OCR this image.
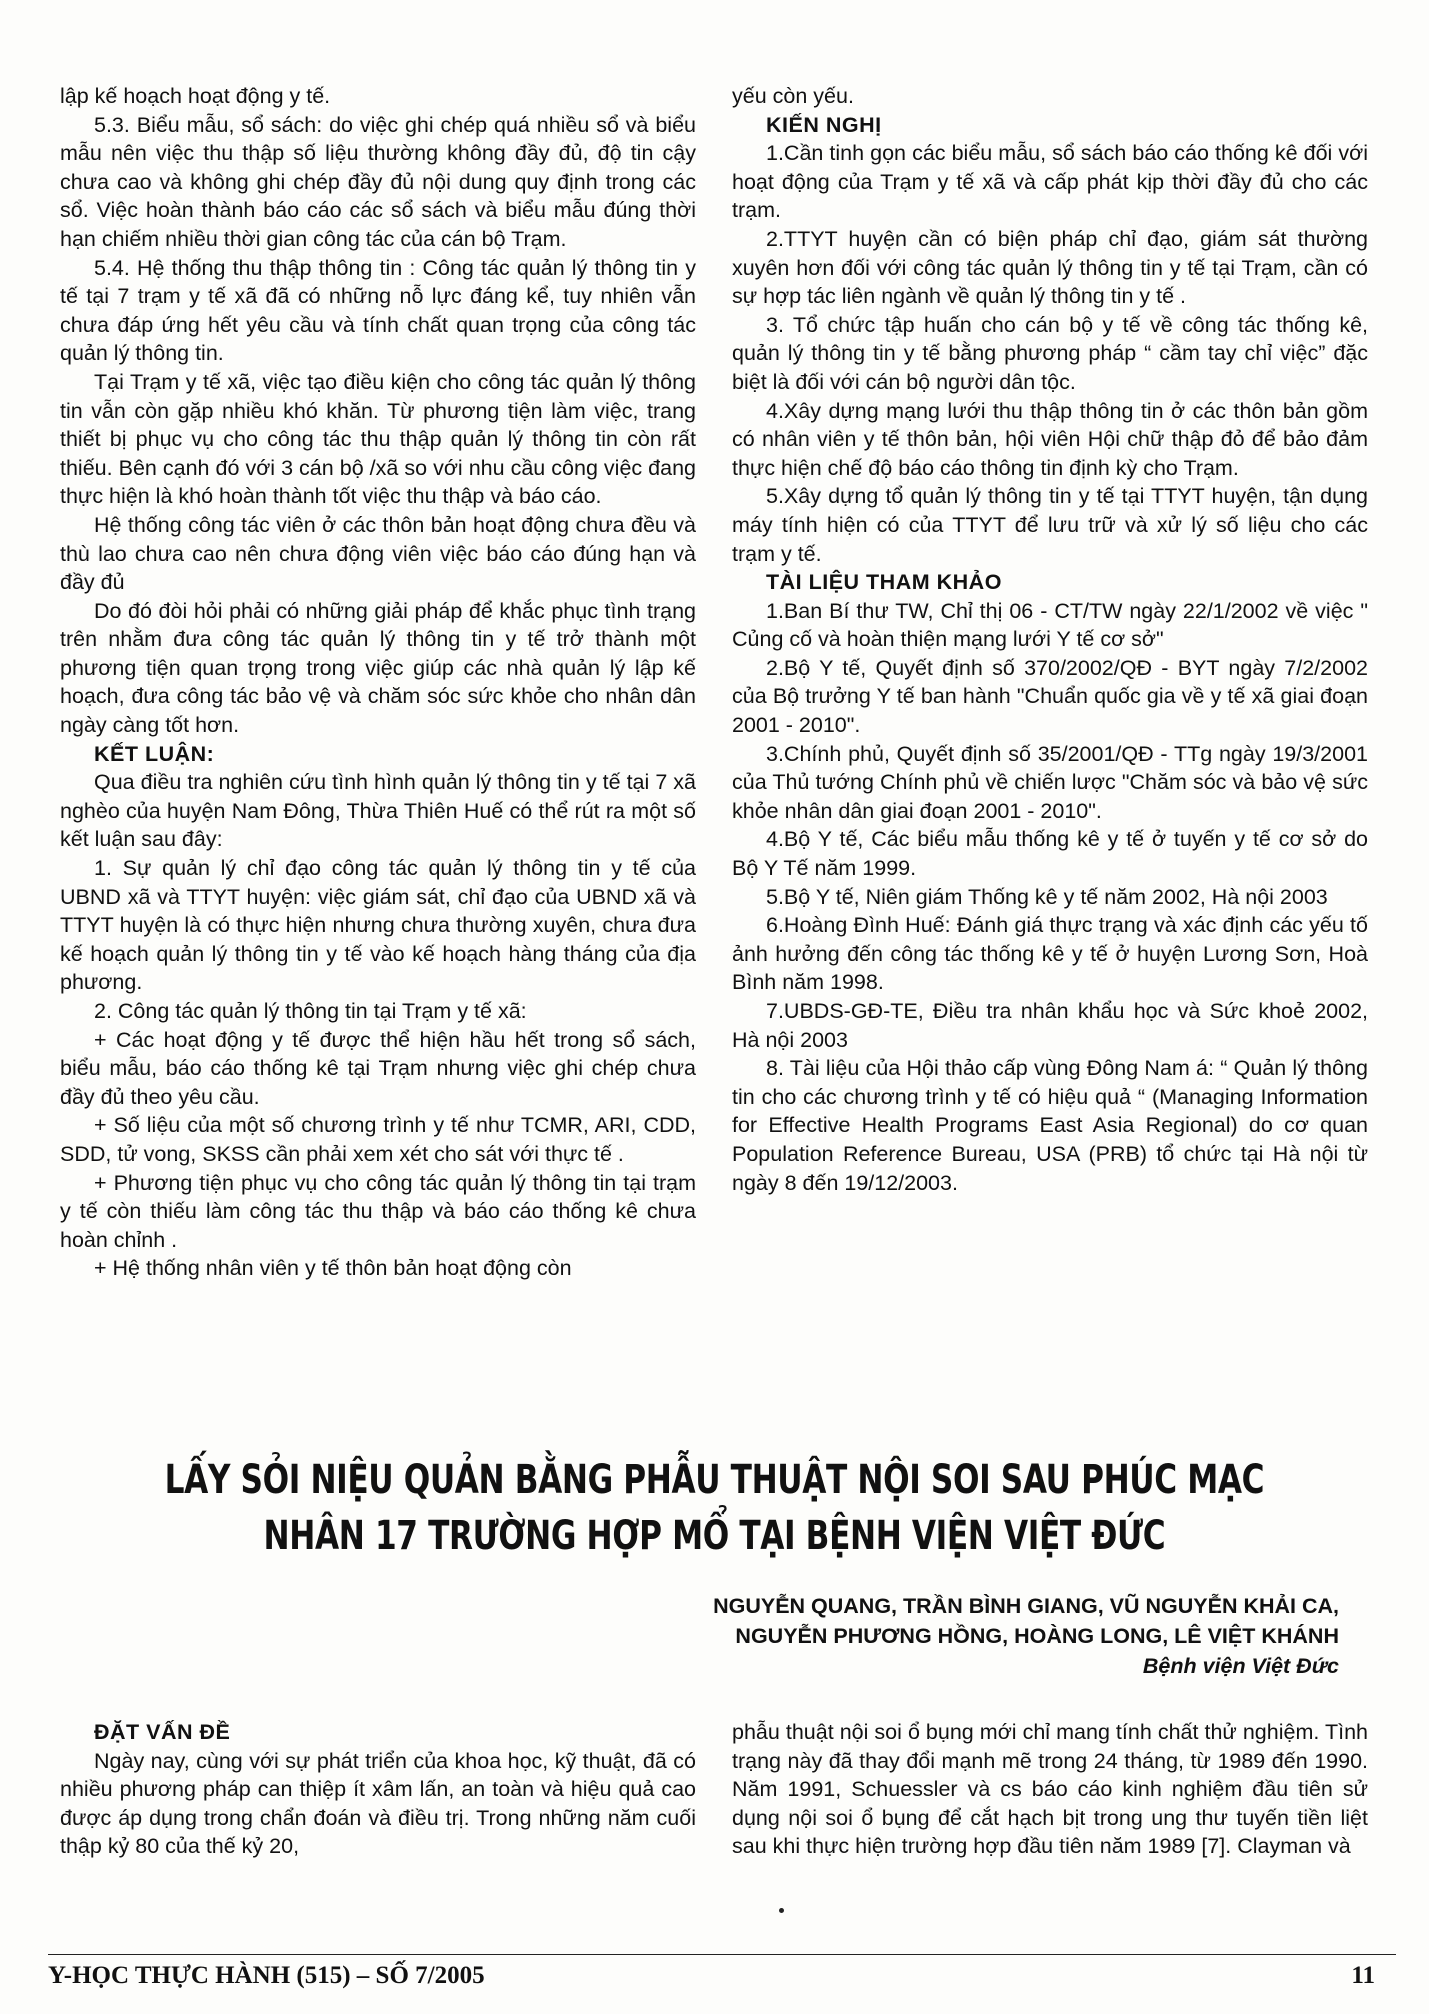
lập kế hoạch hoạt động y tế.

5.3. Biểu mẫu, sổ sách: do việc ghi chép quá nhiều sổ và biểu mẫu nên việc thu thập số liệu thường không đầy đủ, độ tin cậy chưa cao và không ghi chép đầy đủ nội dung quy định trong các sổ. Việc hoàn thành báo cáo các sổ sách và biểu mẫu đúng thời hạn chiếm nhiều thời gian công tác của cán bộ Trạm.

5.4. Hệ thống thu thập thông tin : Công tác quản lý thông tin y tế tại 7 trạm y tế xã đã có những nỗ lực đáng kể, tuy nhiên vẫn chưa đáp ứng hết yêu cầu và tính chất quan trọng của công tác quản lý thông tin.

Tại Trạm y tế xã, việc tạo điều kiện cho công tác quản lý thông tin vẫn còn gặp nhiều khó khăn. Từ phương tiện làm việc, trang thiết bị phục vụ cho công tác thu thập quản lý thông tin còn rất thiếu. Bên cạnh đó với 3 cán bộ /xã so với nhu cầu công việc đang thực hiện là khó hoàn thành tốt việc thu thập và báo cáo.

Hệ thống công tác viên ở các thôn bản hoạt động chưa đều và thù lao chưa cao nên chưa động viên việc báo cáo đúng hạn và đầy đủ

Do đó đòi hỏi phải có những giải pháp để khắc phục tình trạng trên nhằm đưa công tác quản lý thông tin y tế trở thành một phương tiện quan trọng trong việc giúp các nhà quản lý lập kế hoạch, đưa công tác bảo vệ và chăm sóc sức khỏe cho nhân dân ngày càng tốt hơn.

KẾT LUẬN:

Qua điều tra nghiên cứu tình hình quản lý thông tin y tế tại 7 xã nghèo của huyện Nam Đông, Thừa Thiên Huế có thể rút ra một số kết luận sau đây:

1. Sự quản lý chỉ đạo công tác quản lý thông tin y tế của UBND xã và TTYT huyện: việc giám sát, chỉ đạo của UBND xã và TTYT huyện là có thực hiện nhưng chưa thường xuyên, chưa đưa kế hoạch quản lý thông tin y tế vào kế hoạch hàng tháng của địa phương.

2. Công tác quản lý thông tin tại Trạm y tế xã:

+ Các hoạt động y tế được thể hiện hầu hết trong sổ sách, biểu mẫu, báo cáo thống kê tại Trạm nhưng việc ghi chép chưa đầy đủ theo yêu cầu.

+ Số liệu của một số chương trình y tế như TCMR, ARI, CDD, SDD, tử vong, SKSS cần phải xem xét cho sát với thực tế .

+ Phương tiện phục vụ cho công tác quản lý thông tin tại trạm y tế còn thiếu làm công tác thu thập và báo cáo thống kê chưa hoàn chỉnh .

+ Hệ thống nhân viên y tế thôn bản hoạt động còn

yếu còn yếu.

KIẾN NGHỊ

1.Cần tinh gọn các biểu mẫu, sổ sách báo cáo thống kê đối với hoạt động của Trạm y tế xã và cấp phát kịp thời đầy đủ cho các trạm.

2.TTYT huyện cần có biện pháp chỉ đạo, giám sát thường xuyên hơn đối với công tác quản lý thông tin y tế tại Trạm, cần có sự hợp tác liên ngành về quản lý thông tin y tế .

3. Tổ chức tập huấn cho cán bộ y tế về công tác thống kê, quản lý thông tin y tế bằng phương pháp “ cầm tay chỉ việc” đặc biệt là đối với cán bộ người dân tộc.

4.Xây dựng mạng lưới thu thập thông tin ở các thôn bản gồm có nhân viên y tế thôn bản, hội viên Hội chữ thập đỏ để bảo đảm thực hiện chế độ báo cáo thông tin định kỳ cho Trạm.

5.Xây dựng tổ quản lý thông tin y tế tại TTYT huyện, tận dụng máy tính hiện có của TTYT để lưu trữ và xử lý số liệu cho các trạm y tế.

TÀI LIỆU THAM KHẢO

1.Ban Bí thư TW, Chỉ thị 06 - CT/TW ngày 22/1/2002 về việc " Củng cố và hoàn thiện mạng lưới Y tế cơ sở"

2.Bộ Y tế, Quyết định số 370/2002/QĐ - BYT ngày 7/2/2002 của Bộ trưởng Y tế ban hành "Chuẩn quốc gia về y tế xã giai đoạn 2001 - 2010".

3.Chính phủ, Quyết định số 35/2001/QĐ - TTg ngày 19/3/2001 của Thủ tướng Chính phủ về chiến lược "Chăm sóc và bảo vệ sức khỏe nhân dân giai đoạn 2001 - 2010".

4.Bộ Y tế, Các biểu mẫu thống kê y tế ở tuyến y tế cơ sở do Bộ Y Tế năm 1999.

5.Bộ Y tế, Niên giám Thống kê y tế năm 2002, Hà nội 2003

6.Hoàng Đình Huế: Đánh giá thực trạng và xác định các yếu tố ảnh hưởng đến công tác thống kê y tế ở huyện Lương Sơn, Hoà Bình năm 1998.

7.UBDS-GĐ-TE, Điều tra nhân khẩu học và Sức khoẻ 2002, Hà nội 2003

8. Tài liệu của Hội thảo cấp vùng Đông Nam á: “ Quản lý thông tin cho các chương trình y tế có hiệu quả “ (Managing Information for Effective Health Programs East Asia Regional) do cơ quan Population Reference Bureau, USA (PRB) tổ chức tại Hà nội từ ngày 8 đến 19/12/2003.

LẤY SỎI NIỆU QUẢN BẰNG PHẪU THUẬT NỘI SOI SAU PHÚC MẠC
NHÂN 17 TRƯỜNG HỢP MỔ TẠI BỆNH VIỆN VIỆT ĐỨC
NGUYỄN QUANG, TRẦN BÌNH GIANG, VŨ NGUYỄN KHẢI CA,
NGUYỄN PHƯƠNG HỒNG, HOÀNG LONG, LÊ VIỆT KHÁNH
Bệnh viện Việt Đức

ĐẶT VẤN ĐỀ

Ngày nay, cùng với sự phát triển của khoa học, kỹ thuật, đã có nhiều phương pháp can thiệp ít xâm lấn, an toàn và hiệu quả cao được áp dụng trong chẩn đoán và điều trị. Trong những năm cuối thập kỷ 80 của thế kỷ 20,

phẫu thuật nội soi ổ bụng mới chỉ mang tính chất thử nghiệm. Tình trạng này đã thay đổi mạnh mẽ trong 24 tháng, từ 1989 đến 1990. Năm 1991, Schuessler và cs báo cáo kinh nghiệm đầu tiên sử dụng nội soi ổ bụng để cắt hạch bịt trong ung thư tuyến tiền liệt sau khi thực hiện trường hợp đầu tiên năm 1989 [7]. Clayman và

Y-HỌC THỰC HÀNH (515) – SỐ 7/2005	11
